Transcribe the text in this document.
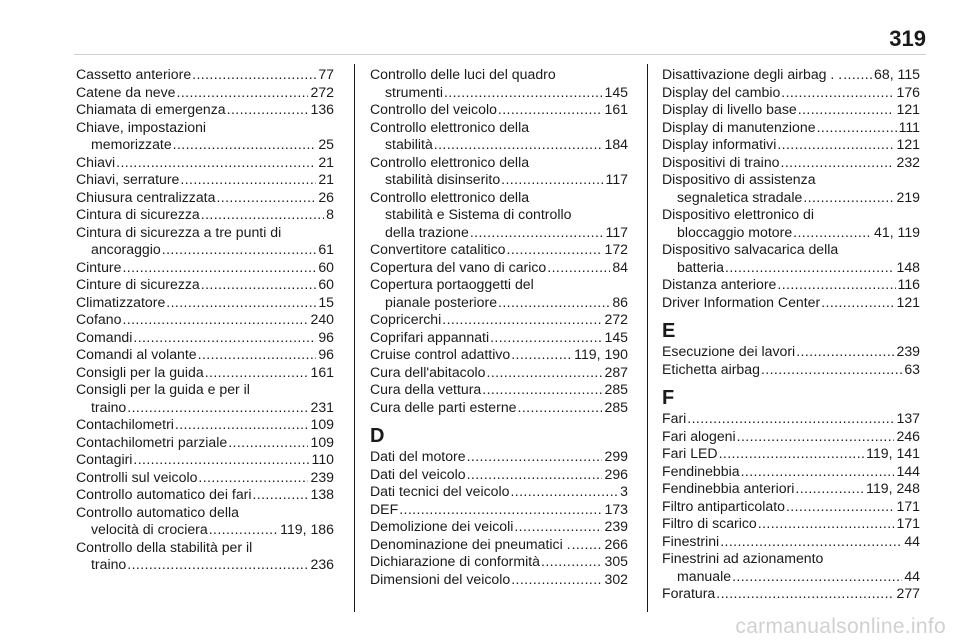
319
Cassetto anteriore .....	77
Catene da neve .....	272
Chiamata di emergenza .....	136
Chiave, impostazioni
memorizzate .....	25
Chiavi .....	21
Chiavi, serrature .....	21
Chiusura centralizzata .....	26
Cintura di sicurezza .....	8
Cintura di sicurezza a tre punti di
ancoraggio .....	61
Cinture .....	60
Cinture di sicurezza .....	60
Climatizzatore .....	15
Cofano .....	240
Comandi .....	96
Comandi al volante .....	96
Consigli per la guida .....	161
Consigli per la guida e per il
traino .....	231
Contachilometri .....	109
Contachilometri parziale .....	109
Contagiri .....	110
Controlli sul veicolo .....	239
Controllo automatico dei fari .....	138
Controllo automatico della
velocità di crociera .....	119, 186
Controllo della stabilità per il
traino .....	236
Controllo delle luci del quadro
strumenti .....	145
Controllo del veicolo .....	161
Controllo elettronico della
stabilità .....	184
Controllo elettronico della
stabilità disinserito .....	117
Controllo elettronico della
stabilità e Sistema di controllo
della trazione .....	117
Convertitore catalitico .....	172
Copertura del vano di carico .....	84
Copertura portaoggetti del
pianale posteriore .....	86
Copricerchi .....	272
Coprifari appannati .....	145
Cruise control adattivo .....	119, 190
Cura dell'abitacolo .....	287
Cura della vettura .....	285
Cura delle parti esterne .....	285
D
Dati del motore .....	299
Dati del veicolo .....	296
Dati tecnici del veicolo .....	3
DEF .....	173
Demolizione dei veicoli .....	239
Denominazione dei pneumatici . ..... 266
Dichiarazione di conformità .....	305
Dimensioni del veicolo .....	302
Disattivazione degli airbag . . ..... 68, 115
Display del cambio .....	176
Display di livello base .....	121
Display di manutenzione .....	111
Display informativi .....	121
Dispositivi di traino .....	232
Dispositivo di assistenza
segnaletica stradale .....	219
Dispositivo elettronico di
bloccaggio motore .....	41, 119
Dispositivo salvacarica della
batteria .....	148
Distanza anteriore .....	116
Driver Information Center .....	121
E
Esecuzione dei lavori .....	239
Etichetta airbag .....	63
F
Fari .....	137
Fari alogeni .....	246
Fari LED .....	119, 141
Fendinebbia .....	144
Fendinebbia anteriori .....	119, 248
Filtro antiparticolato .....	171
Filtro di scarico .....	171
Finestrini .....	44
Finestrini ad azionamento
manuale .....	44
Foratura .....	277
carmanualsonline.info
